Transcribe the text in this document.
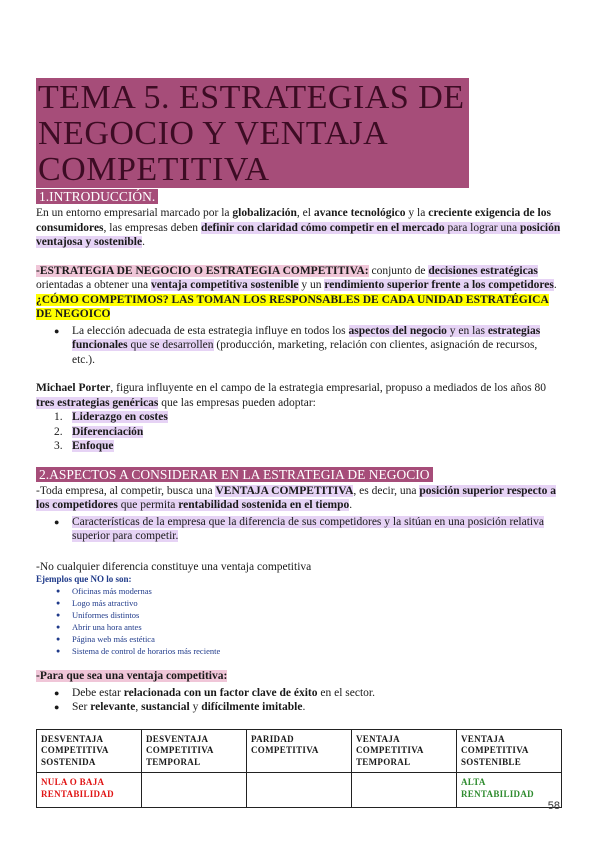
TEMA 5. ESTRATEGIAS DE
NEGOCIO Y VENTAJA
COMPETITIVA

1.INTRODUCCIÓN.

En un entorno empresarial marcado por la globalización, el avance tecnológico y la creciente exigencia de los consumidores, las empresas deben definir con claridad cómo competir en el mercado para lograr una posición ventajosa y sostenible.

-ESTRATEGIA DE NEGOCIO O ESTRATEGIA COMPETITIVA: conjunto de decisiones estratégicas orientadas a obtener una ventaja competitiva sostenible y un rendimiento superior frente a los competidores. ¿CÓMO COMPETIMOS? LAS TOMAN LOS RESPONSABLES DE CADA UNIDAD ESTRATÉGICA DE NEGOICO

● La elección adecuada de esta estrategia influye en todos los aspectos del negocio y en las estrategias funcionales que se desarrollen (producción, marketing, relación con clientes, asignación de recursos, etc.).

Michael Porter, figura influyente en el campo de la estrategia empresarial, propuso a mediados de los años 80 tres estrategias genéricas que las empresas pueden adoptar:

1. Liderazgo en costes
2. Diferenciación
3. Enfoque
2.ASPECTOS A CONSIDERAR EN LA ESTRATEGIA DE NEGOCIO

-Toda empresa, al competir, busca una VENTAJA COMPETITIVA, es decir, una posición superior respecto a los competidores que permita rentabilidad sostenida en el tiempo.

● Características de la empresa que la diferencia de sus competidores y la sitúan en una posición relativa superior para competir.

-No cualquier diferencia constituye una ventaja competitiva

Ejemplos que NO lo son:
● Oficinas más modernas
● Logo más atractivo
● Uniformes distintos
● Abrir una hora antes
● Página web más estética
● Sistema de control de horarios más reciente

-Para que sea una ventaja competitiva:

● Debe estar relacionada con un factor clave de éxito en el sector.
● Ser relevante, sustancial y difícilmente imitable.
DESVENTAJA COMPETITIVA SOSTENIDA	DESVENTAJA COMPETITIVA TEMPORAL	PARIDAD COMPETITIVA	VENTAJA COMPETITIVA TEMPORAL	VENTAJA COMPETITIVA SOSTENIBLE
NULA O BAJA RENTABILIDAD				ALTA RENTABILIDAD
58
